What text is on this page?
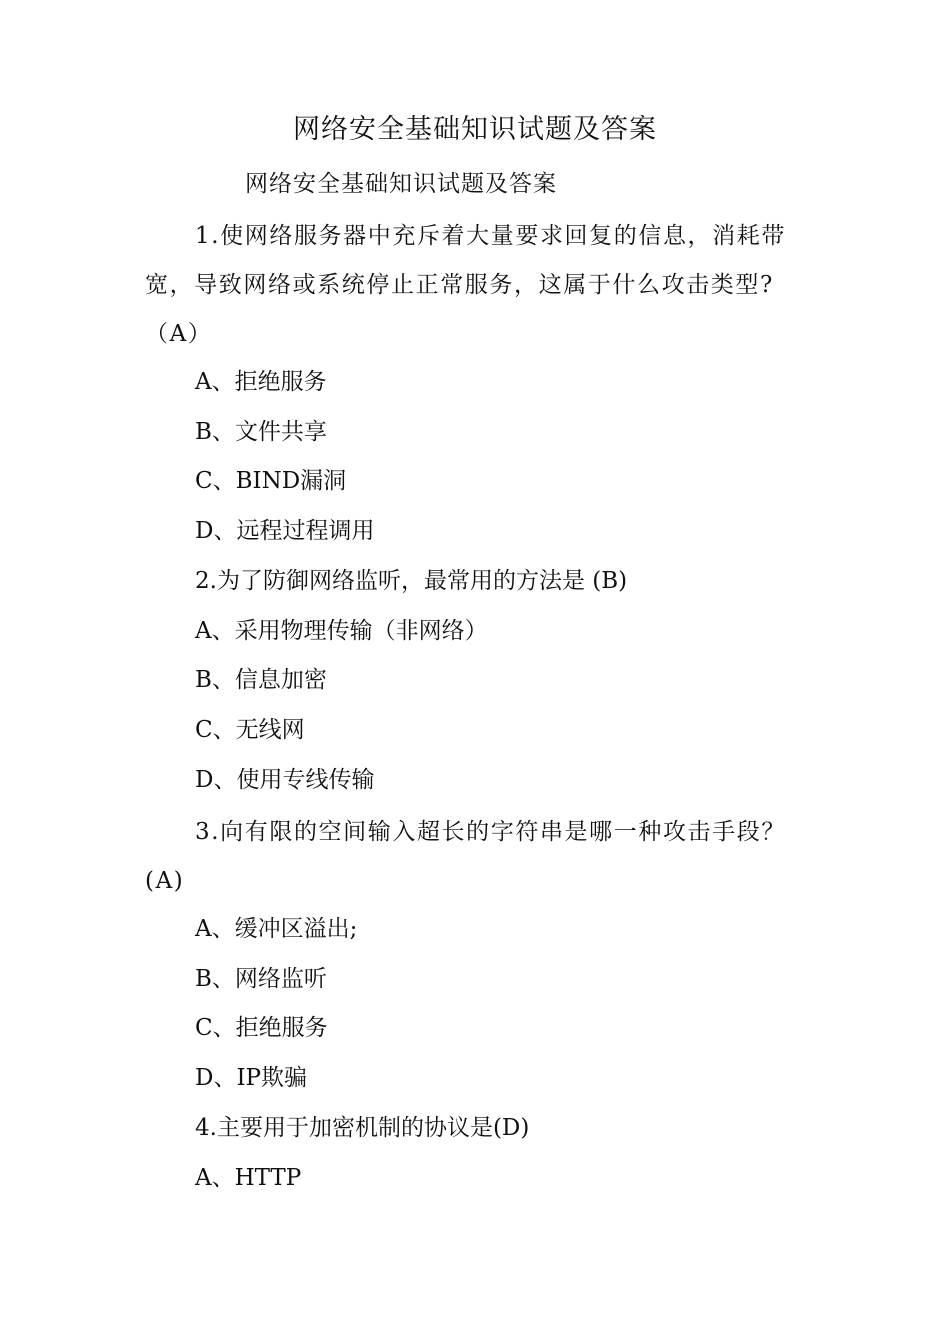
网络安全基础知识试题及答案
网络安全基础知识试题及答案
1.使网络服务器中充斥着大量要求回复的信息，消耗带宽，导致网络或系统停止正常服务，这属于什么攻击类型?（A）
A、拒绝服务
B、文件共享
C、BIND漏洞
D、远程过程调用
2.为了防御网络监听，最常用的方法是 (B)
A、采用物理传输（非网络）
B、信息加密
C、无线网
D、使用专线传输
3.向有限的空间输入超长的字符串是哪一种攻击手段？ (A)
A、缓冲区溢出;
B、网络监听
C、拒绝服务
D、IP欺骗
4.主要用于加密机制的协议是(D)
A、HTTP
